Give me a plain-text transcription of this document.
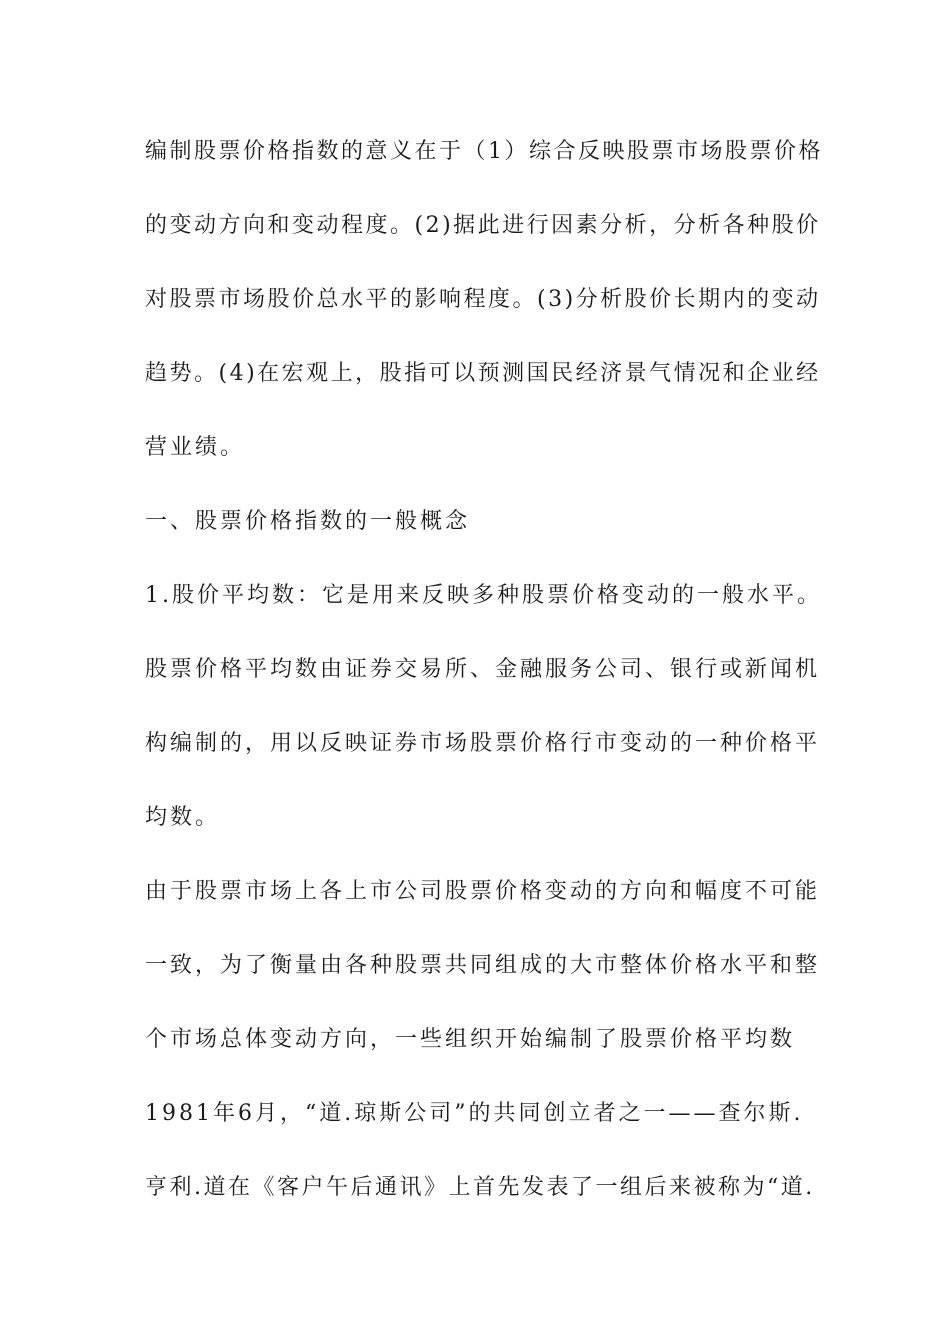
编制股票价格指数的意义在于（1）综合反映股票市场股票价格
的变动方向和变动程度。(2)据此进行因素分析，分析各种股价
对股票市场股价总水平的影响程度。(3)分析股价长期内的变动
趋势。(4)在宏观上，股指可以预测国民经济景气情况和企业经
营业绩。
一、股票价格指数的一般概念
1.股价平均数：它是用来反映多种股票价格变动的一般水平。
股票价格平均数由证券交易所、金融服务公司、银行或新闻机
构编制的，用以反映证券市场股票价格行市变动的一种价格平
均数。
由于股票市场上各上市公司股票价格变动的方向和幅度不可能
一致，为了衡量由各种股票共同组成的大市整体价格水平和整
个市场总体变动方向，一些组织开始编制了股票价格平均数
1981年6月，“道.琼斯公司”的共同创立者之一——查尔斯.
亨利.道在《客户午后通讯》上首先发表了一组后来被称为“道.
